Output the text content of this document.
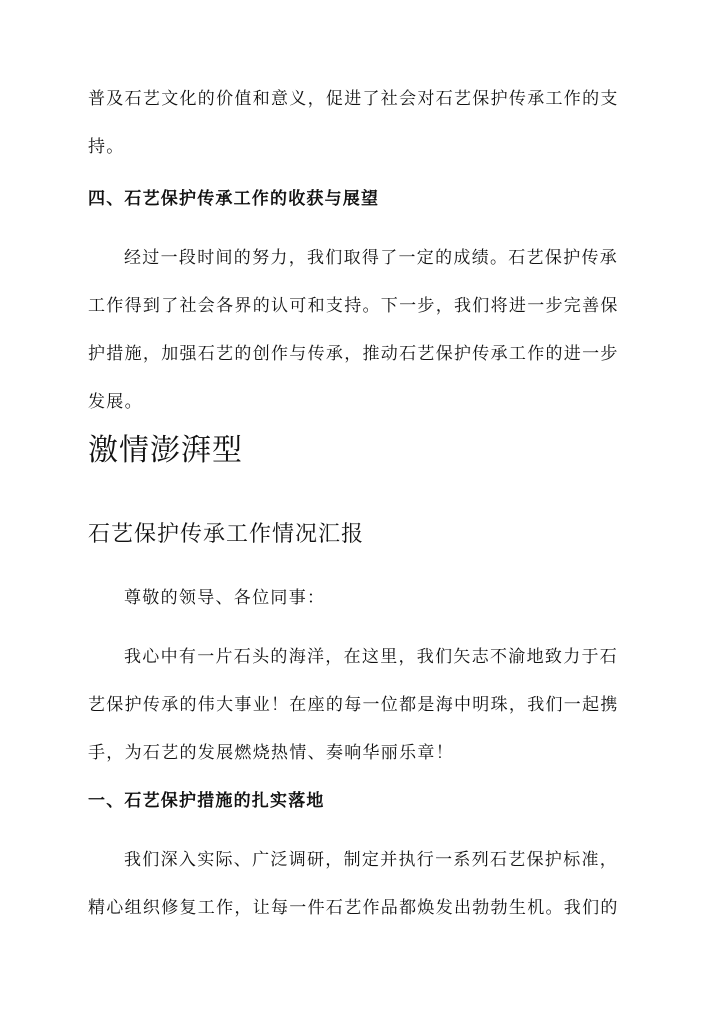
普及石艺文化的价值和意义，促进了社会对石艺保护传承工作的支
持。
四、石艺保护传承工作的收获与展望
经过一段时间的努力，我们取得了一定的成绩。石艺保护传承
工作得到了社会各界的认可和支持。下一步，我们将进一步完善保
护措施，加强石艺的创作与传承，推动石艺保护传承工作的进一步
发展。
激情澎湃型
石艺保护传承工作情况汇报
尊敬的领导、各位同事：
我心中有一片石头的海洋，在这里，我们矢志不渝地致力于石
艺保护传承的伟大事业！在座的每一位都是海中明珠，我们一起携
手，为石艺的发展燃烧热情、奏响华丽乐章！
一、石艺保护措施的扎实落地
我们深入实际、广泛调研，制定并执行一系列石艺保护标准，
精心组织修复工作，让每一件石艺作品都焕发出勃勃生机。我们的
